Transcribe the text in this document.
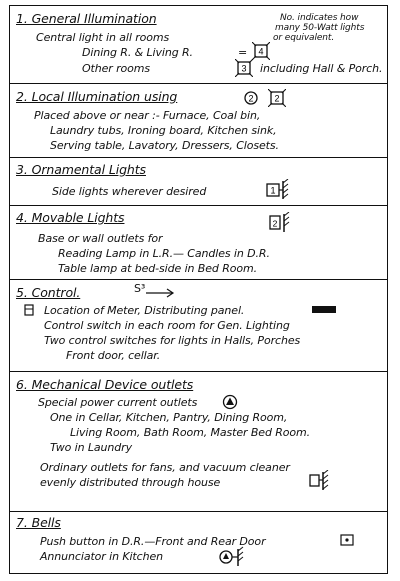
1. General Illumination	No. indicates how
many 50-Watt lights
or equivalent.
Central light in all rooms
Dining R. & Living R.	= 4
Other rooms	3 including Hall & Porch.
2. Local Illumination using	2 2
Placed above or near :- Furnace, Coal bin,
Laundry tubs, Ironing board, Kitchen sink,
Serving table, Lavatory, Dressers, Closets.
3. Ornamental Lights
Side lights wherever desired	1
4. Movable Lights	2
Base or wall outlets for
Reading Lamp in L.R.— Candles in D.R.
Table lamp at bed-side in Bed Room.
5. Control.	S³
Location of Meter, Distributing panel.
Control switch in each room for Gen. Lighting
Two control switches for lights in Halls, Porches
Front door, cellar.
6. Mechanical Device outlets
Special power current outlets
One in Cellar, Kitchen, Pantry, Dining Room,
Living Room, Bath Room, Master Bed Room.
Two in Laundry
Ordinary outlets for fans, and vacuum cleaner
evenly distributed through house
7. Bells
Push button in D.R.—Front and Rear Door
Annunciator in Kitchen
